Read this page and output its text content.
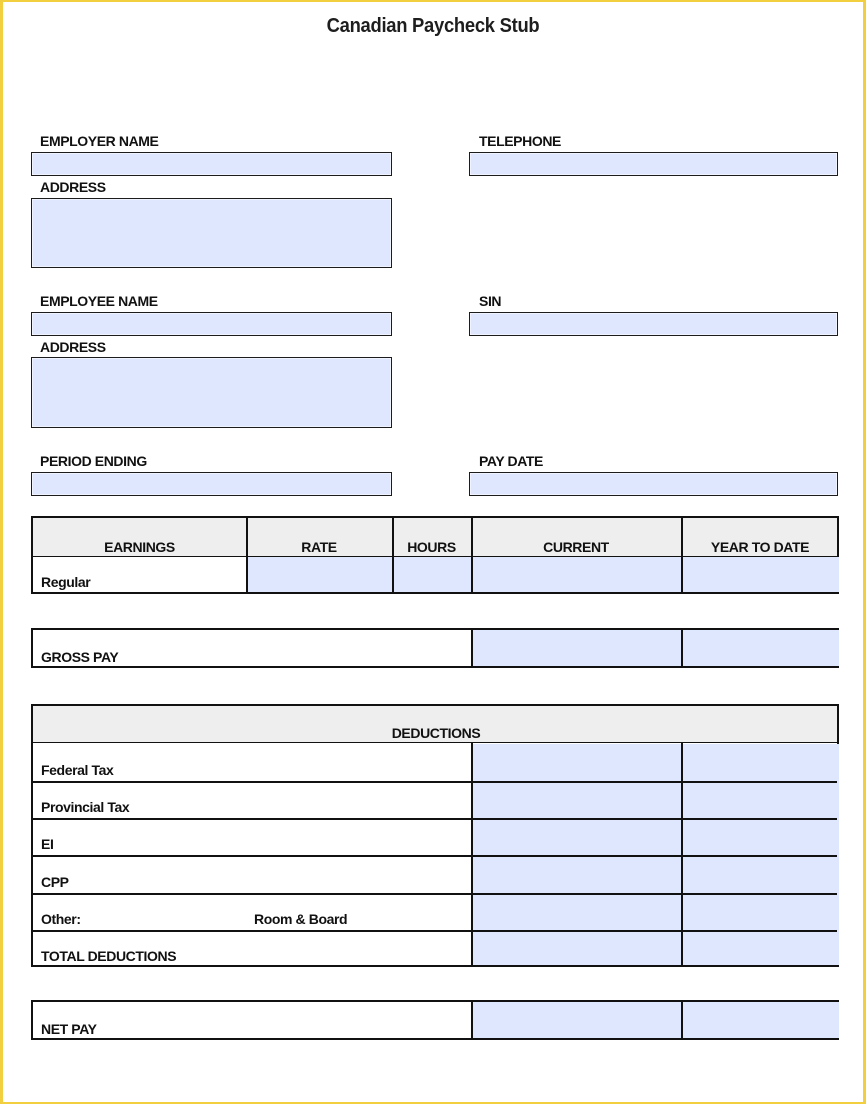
Canadian Paycheck Stub
EMPLOYER NAME	TELEPHONE
ADDRESS
EMPLOYEE NAME	SIN
ADDRESS
PERIOD ENDING	PAY DATE
EARNINGS	RATE	HOURS	CURRENT	YEAR TO DATE
Regular
GROSS PAY
DEDUCTIONS
Federal Tax
Provincial Tax
EI
CPP
Other:	Room & Board
TOTAL DEDUCTIONS
NET PAY
